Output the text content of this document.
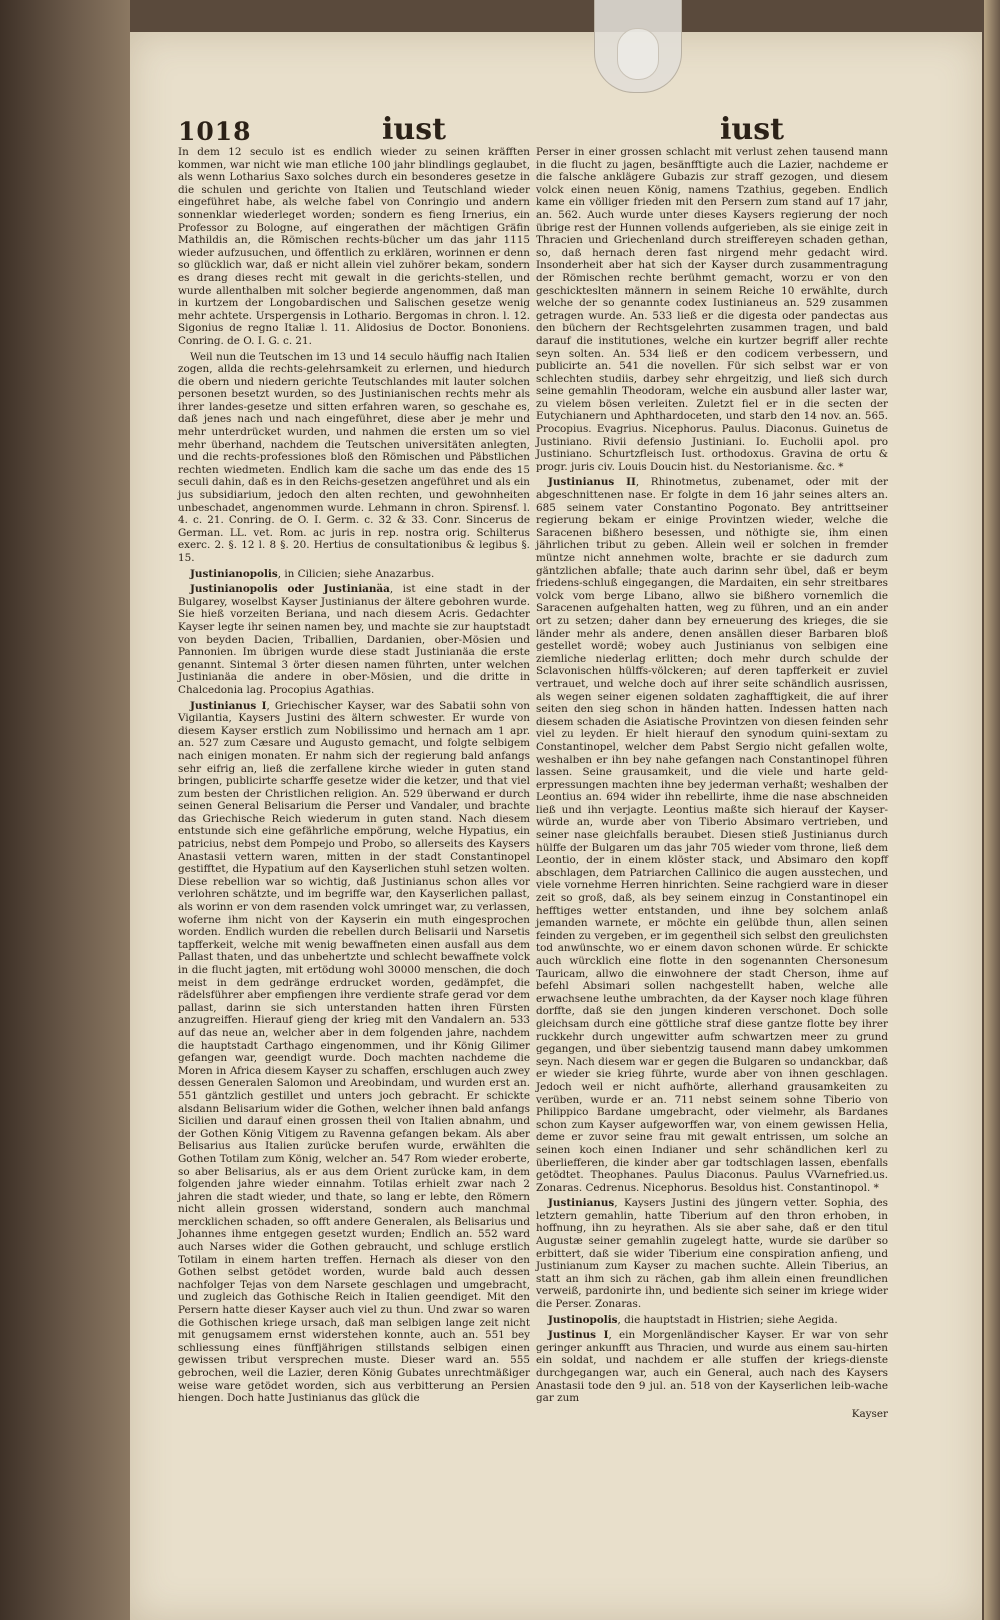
1018	iust	iust

In dem 12 seculo ist es endlich wieder zu seinen kräfften kommen, war nicht wie man etliche 100 jahr blindlings geglaubet, als wenn Lotharius Saxo solches durch ein besonderes gesetze in die schulen und gerichte von Italien und Teutschland wieder eingeführet habe, als welche fabel von Conringio und andern sonnenklar wiederleget worden; sondern es fieng Irnerius, ein Professor zu Bologne, auf eingerathen der mächtigen Gräfin Mathildis an, die Römischen rechts-bücher um das jahr 1115 wieder aufzusuchen, und öffentlich zu erklären, worinnen er denn so glücklich war, daß er nicht allein viel zuhörer bekam, sondern es drang dieses recht mit gewalt in die gerichts-stellen, und wurde allenthalben mit solcher begierde angenommen, daß man in kurtzem der Longobardischen und Salischen gesetze wenig mehr achtete. Urspergensis in Lothario. Bergomas in chron. l. 12. Sigonius de regno Italiæ l. 11. Alidosius de Doctor. Bononiens. Conring. de O. I. G. c. 21.

Weil nun die Teutschen im 13 und 14 seculo häuffig nach Italien zogen, allda die rechts-gelehrsamkeit zu erlernen, und hiedurch die obern und niedern gerichte Teutschlandes mit lauter solchen personen besetzt wurden, so des Justinianischen rechts mehr als ihrer landes-gesetze und sitten erfahren waren, so geschahe es, daß jenes nach und nach eingeführet, diese aber je mehr und mehr unterdrücket wurden, und nahmen die ersten um so viel mehr überhand, nachdem die Teutschen universitäten anlegten, und die rechts-professiones bloß den Römischen und Päbstlichen rechten wiedmeten. Endlich kam die sache um das ende des 15 seculi dahin, daß es in den Reichs-gesetzen angeführet und als ein jus subsidiarium, jedoch den alten rechten, und gewohnheiten unbeschadet, angenommen wurde. Lehmann in chron. Spirensf. l. 4. c. 21. Conring. de O. I. Germ. c. 32 & 33. Conr. Sincerus de German. LL. vet. Rom. ac juris in rep. nostra orig. Schilterus exerc. 2. §. 12 l. 8 §. 20. Hertius de consultationibus & legibus §. 15.

Justinianopolis, in Cilicien; siehe Anazarbus.

Justinianopolis oder Justinianäa, ist eine stadt in der Bulgarey, woselbst Kayser Justinianus der ältere gebohren wurde. Sie hieß vorzeiten Beriana, und nach diesem Acris. Gedachter Kayser legte ihr seinen namen bey, und machte sie zur hauptstadt von beyden Dacien, Triballien, Dardanien, ober-Mösien und Pannonien. Im übrigen wurde diese stadt Justinianäa die erste genannt. Sintemal 3 örter diesen namen führten, unter welchen Justinianäa die andere in ober-Mösien, und die dritte in Chalcedonia lag. Procopius Agathias.

Justinianus I, Griechischer Kayser, war des Sabatii sohn von Vigilantia, Kaysers Justini des ältern schwester. Er wurde von diesem Kayser erstlich zum Nobilissimo und hernach am 1 apr. an. 527 zum Cæsare und Augusto gemacht, und folgte selbigem nach einigen monaten. Er nahm sich der regierung bald anfangs sehr eifrig an, ließ die zerfallene kirche wieder in guten stand bringen, publicirte scharffe gesetze wider die ketzer, und that viel zum besten der Christlichen religion. An. 529 überwand er durch seinen General Belisarium die Perser und Vandaler, und brachte das Griechische Reich wiederum in guten stand. Nach diesem entstunde sich eine gefährliche empörung, welche Hypatius, ein patricius, nebst dem Pompejo und Probo, so allerseits des Kaysers Anastasii vettern waren, mitten in der stadt Constantinopel gestifftet, die Hypatium auf den Kayserlichen stuhl setzen wolten. Diese rebellion war so wichtig, daß Justinianus schon alles vor verlohren schätzte, und im begriffe war, den Kayserlichen pallast, als worinn er von dem rasenden volck umringet war, zu verlassen, woferne ihm nicht von der Kayserin ein muth eingesprochen worden. Endlich wurden die rebellen durch Belisarii und Narsetis tapfferkeit, welche mit wenig bewaffneten einen ausfall aus dem Pallast thaten, und das unbehertzte und schlecht bewaffnete volck in die flucht jagten, mit ertödung wohl 30000 menschen, die doch meist in dem gedränge erdrucket worden, gedämpfet, die rädelsführer aber empfiengen ihre verdiente strafe gerad vor dem pallast, darinn sie sich unterstanden hatten ihren Fürsten anzugreiffen. Hierauf gieng der krieg mit den Vandalern an. 533 auf das neue an, welcher aber in dem folgenden jahre, nachdem die hauptstadt Carthago eingenommen, und ihr König Gilimer gefangen war, geendigt wurde. Doch machten nachdeme die Moren in Africa diesem Kayser zu schaffen, erschlugen auch zwey dessen Generalen Salomon und Areobindam, und wurden erst an. 551 gäntzlich gestillet und unters joch gebracht. Er schickte alsdann Belisarium wider die Gothen, welcher ihnen bald anfangs Sicilien und darauf einen grossen theil von Italien abnahm, und der Gothen König Vitigem zu Ravenna gefangen bekam. Als aber Belisarius aus Italien zurücke berufen wurde, erwählten die Gothen Totilam zum König, welcher an. 547 Rom wieder eroberte, so aber Belisarius, als er aus dem Orient zurücke kam, in dem folgenden jahre wieder einnahm. Totilas erhielt zwar nach 2 jahren die stadt wieder, und thate, so lang er lebte, den Römern nicht allein grossen widerstand, sondern auch manchmal mercklichen schaden, so offt andere Generalen, als Belisarius und Johannes ihme entgegen gesetzt wurden; Endlich an. 552 ward auch Narses wider die Gothen gebraucht, und schluge erstlich Totilam in einem harten treffen. Hernach als dieser von den Gothen selbst getödet worden, wurde bald auch dessen nachfolger Tejas von dem Narsete geschlagen und umgebracht, und zugleich das Gothische Reich in Italien geendiget. Mit den Persern hatte dieser Kayser auch viel zu thun. Und zwar so waren die Gothischen kriege ursach, daß man selbigen lange zeit nicht mit genugsamem ernst widerstehen konnte, auch an. 551 bey schliessung eines fünffjährigen stillstands selbigen einen gewissen tribut versprechen muste. Dieser ward an. 555 gebrochen, weil die Lazier, deren König Gubates unrechtmäßiger weise ware getödet worden, sich aus verbitterung an Persien hiengen. Doch hatte Justinianus das glück die

Perser in einer grossen schlacht mit verlust zehen tausend mann in die flucht zu jagen, besänfftigte auch die Lazier, nachdeme er die falsche anklägere Gubazis zur straff gezogen, und diesem volck einen neuen König, namens Tzathius, gegeben. Endlich kame ein völliger frieden mit den Persern zum stand auf 17 jahr, an. 562. Auch wurde unter dieses Kaysers regierung der noch übrige rest der Hunnen vollends aufgerieben, als sie einige zeit in Thracien und Griechenland durch streiffereyen schaden gethan, so, daß hernach deren fast nirgend mehr gedacht wird. Insonderheit aber hat sich der Kayser durch zusammentragung der Römischen rechte berühmt gemacht, worzu er von den geschickteslten männern in seinem Reiche 10 erwählte, durch welche der so genannte codex Iustinianeus an. 529 zusammen getragen wurde. An. 533 ließ er die digesta oder pandectas aus den büchern der Rechtsgelehrten zusammen tragen, und bald darauf die institutiones, welche ein kurtzer begriff aller rechte seyn solten. An. 534 ließ er den codicem verbessern, und publicirte an. 541 die novellen. Für sich selbst war er von schlechten studiis, darbey sehr ehrgeitzig, und ließ sich durch seine gemahlin Theodoram, welche ein ausbund aller laster war, zu vielem bösen verleiten. Zuletzt fiel er in die secten der Eutychianern und Aphthardoceten, und starb den 14 nov. an. 565. Procopius. Evagrius. Nicephorus. Paulus. Diaconus. Guinetus de Justiniano. Rivii defensio Justiniani. Io. Eucholii apol. pro Justiniano. Schurtzfleisch Iust. orthodoxus. Gravina de ortu & progr. juris civ. Louis Doucin hist. du Nestorianisme. &c. *

Justinianus II, Rhinotmetus, zubenamet, oder mit der abgeschnittenen nase. Er folgte in dem 16 jahr seines alters an. 685 seinem vater Constantino Pogonato. Bey antrittseiner regierung bekam er einige Provintzen wieder, welche die Saracenen bißhero besessen, und nöthigte sie, ihm einen jährlichen tribut zu geben. Allein weil er solchen in fremder müntze nicht annehmen wolte, brachte er sie dadurch zum gäntzlichen abfalle; thate auch darinn sehr übel, daß er beym friedens-schluß eingegangen, die Mardaiten, ein sehr streitbares volck vom berge Libano, allwo sie bißhero vornemlich die Saracenen aufgehalten hatten, weg zu führen, und an ein ander ort zu setzen; daher dann bey erneuerung des krieges, die sie länder mehr als andere, denen ansällen dieser Barbaren bloß gestellet wordë; wobey auch Justinianus von selbigen eine ziemliche niederlag erlitten; doch mehr durch schulde der Sclavonischen hülffs-völckeren; auf deren tapfferkeit er zuviel vertrauet, und welche doch auf ihrer seite schändlich ausrissen, als wegen seiner eigenen soldaten zaghafftigkeit, die auf ihrer seiten den sieg schon in händen hatten. Indessen hatten nach diesem schaden die Asiatische Provintzen von diesen feinden sehr viel zu leyden. Er hielt hierauf den synodum quini-sextam zu Constantinopel, welcher dem Pabst Sergio nicht gefallen wolte, weshalben er ihn bey nahe gefangen nach Constantinopel führen lassen. Seine grausamkeit, und die viele und harte geld-erpressungen machten ihne bey jederman verhaßt; weshalben der Leontius an. 694 wider ihn rebellirte, ihme die nase abschneiden ließ und ihn verjagte. Leontius maßte sich hierauf der Kayser-würde an, wurde aber von Tiberio Absimaro vertrieben, und seiner nase gleichfalls beraubet. Diesen stieß Justinianus durch hülffe der Bulgaren um das jahr 705 wieder vom throne, ließ dem Leontio, der in einem klöster stack, und Absimaro den kopff abschlagen, dem Patriarchen Callinico die augen ausstechen, und viele vornehme Herren hinrichten. Seine rachgierd ware in dieser zeit so groß, daß, als bey seinem einzug in Constantinopel ein hefftiges wetter entstanden, und ihne bey solchem anlaß jemanden warnete, er möchte ein gelübde thun, allen seinen feinden zu vergeben, er im gegentheil sich selbst den greulichsten tod anwünschte, wo er einem davon schonen würde. Er schickte auch würcklich eine flotte in den sogenannten Chersonesum Tauricam, allwo die einwohnere der stadt Cherson, ihme auf befehl Absimari sollen nachgestellt haben, welche alle erwachsene leuthe umbrachten, da der Kayser noch klage führen dorffte, daß sie den jungen kinderen verschonet. Doch solle gleichsam durch eine göttliche straf diese gantze flotte bey ihrer ruckkehr durch ungewitter aufm schwartzen meer zu grund gegangen, und über siebentzig tausend mann dabey umkommen seyn. Nach diesem war er gegen die Bulgaren so undanckbar, daß er wieder sie krieg führte, wurde aber von ihnen geschlagen. Jedoch weil er nicht aufhörte, allerhand grausamkeiten zu verüben, wurde er an. 711 nebst seinem sohne Tiberio von Philippico Bardane umgebracht, oder vielmehr, als Bardanes schon zum Kayser aufgeworffen war, von einem gewissen Helia, deme er zuvor seine frau mit gewalt entrissen, um solche an seinen koch einen Indianer und sehr schändlichen kerl zu überliefferen, die kinder aber gar todtschlagen lassen, ebenfalls getödtet. Theophanes. Paulus Diaconus. Paulus VVarnefried.us. Zonaras. Cedrenus. Nicephorus. Besoldus hist. Constantinopol. *

Justinianus, Kaysers Justini des jüngern vetter. Sophia, des letztern gemahlin, hatte Tiberium auf den thron erhoben, in hoffnung, ihn zu heyrathen. Als sie aber sahe, daß er den titul Augustæ seiner gemahlin zugelegt hatte, wurde sie darüber so erbittert, daß sie wider Tiberium eine conspiration anfieng, und Justinianum zum Kayser zu machen suchte. Allein Tiberius, an statt an ihm sich zu rächen, gab ihm allein einen freundlichen verweiß, pardonirte ihn, und bediente sich seiner im kriege wider die Perser. Zonaras.

Justinopolis, die hauptstadt in Histrien; siehe Aegida.

Justinus I, ein Morgenländischer Kayser. Er war von sehr geringer ankunfft aus Thracien, und wurde aus einem sau-hirten ein soldat, und nachdem er alle stuffen der kriegs-dienste durchgegangen war, auch ein General, auch nach des Kaysers Anastasii tode den 9 jul. an. 518 von der Kayserlichen leib-wache gar zum

Kayser
